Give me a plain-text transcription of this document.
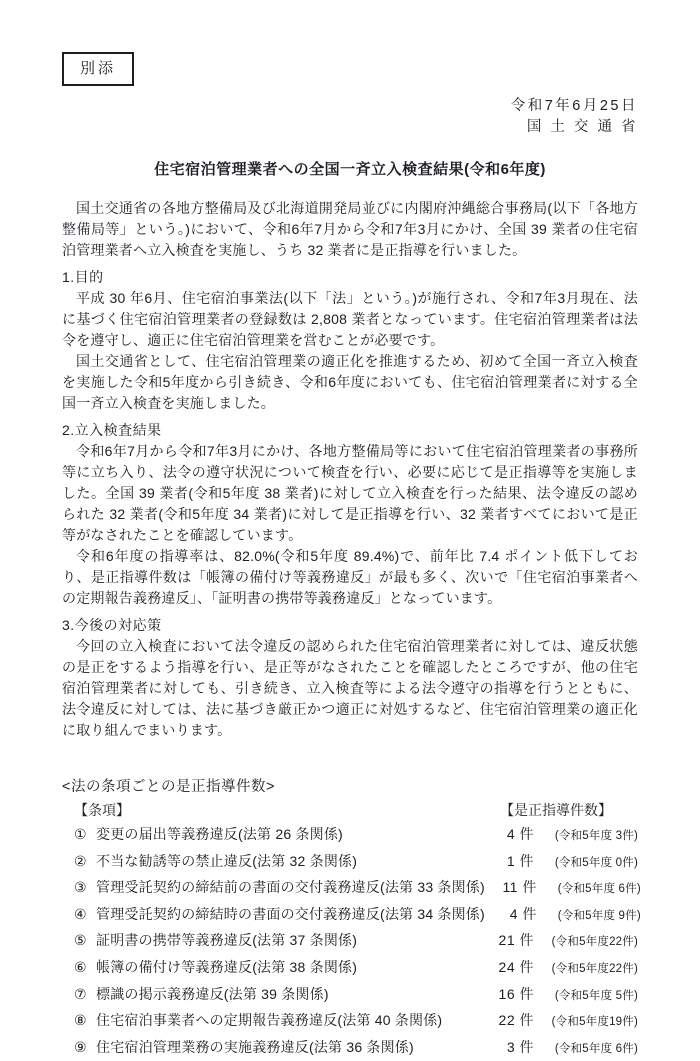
別添
令和7年6月25日
国 土 交 通 省
住宅宿泊管理業者への全国一斉立入検査結果(令和6年度)

国土交通省の各地方整備局及び北海道開発局並びに内閣府沖縄総合事務局(以下「各地方整備局等」という。)において、令和6年7月から令和7年3月にかけ、全国 39 業者の住宅宿泊管理業者へ立入検査を実施し、うち 32 業者に是正指導を行いました。

1.目的

平成 30 年6月、住宅宿泊事業法(以下「法」という。)が施行され、令和7年3月現在、法に基づく住宅宿泊管理業者の登録数は 2,808 業者となっています。住宅宿泊管理業者は法令を遵守し、適正に住宅宿泊管理業を営むことが必要です。

国土交通省として、住宅宿泊管理業の適正化を推進するため、初めて全国一斉立入検査を実施した令和5年度から引き続き、令和6年度においても、住宅宿泊管理業者に対する全国一斉立入検査を実施しました。

2.立入検査結果

令和6年7月から令和7年3月にかけ、各地方整備局等において住宅宿泊管理業者の事務所等に立ち入り、法令の遵守状況について検査を行い、必要に応じて是正指導等を実施しました。全国 39 業者(令和5年度 38 業者)に対して立入検査を行った結果、法令違反の認められた 32 業者(令和5年度 34 業者)に対して是正指導を行い、32 業者すべてにおいて是正等がなされたことを確認しています。

令和6年度の指導率は、82.0%(令和5年度 89.4%)で、前年比 7.4 ポイント低下しており、是正指導件数は「帳簿の備付け等義務違反」が最も多く、次いで「住宅宿泊事業者への定期報告義務違反」、「証明書の携帯等義務違反」となっています。

3.今後の対応策

今回の立入検査において法令違反の認められた住宅宿泊管理業者に対しては、違反状態の是正をするよう指導を行い、是正等がなされたことを確認したところですが、他の住宅宿泊管理業者に対しても、引き続き、立入検査等による法令遵守の指導を行うとともに、法令違反に対しては、法に基づき厳正かつ適正に対処するなど、住宅宿泊管理業の適正化に取り組んでまいります。

<法の条項ごとの是正指導件数>
【条項】	【是正指導件数】
① 変更の届出等義務違反(法第 26 条関係)	4 件	(令和5年度 3件)
② 不当な勧誘等の禁止違反(法第 32 条関係)	1 件	(令和5年度 0件)
③ 管理受託契約の締結前の書面の交付義務違反(法第 33 条関係)	11 件	(令和5年度 6件)
④ 管理受託契約の締結時の書面の交付義務違反(法第 34 条関係)	4 件	(令和5年度 9件)
⑤ 証明書の携帯等義務違反(法第 37 条関係)	21 件	(令和5年度22件)
⑥ 帳簿の備付け等義務違反(法第 38 条関係)	24 件	(令和5年度22件)
⑦ 標識の掲示義務違反(法第 39 条関係)	16 件	(令和5年度 5件)
⑧ 住宅宿泊事業者への定期報告義務違反(法第 40 条関係)	22 件	(令和5年度19件)
⑨ 住宅宿泊管理業務の実施義務違反(法第 36 条関係)	3 件	(令和5年度 6件)
